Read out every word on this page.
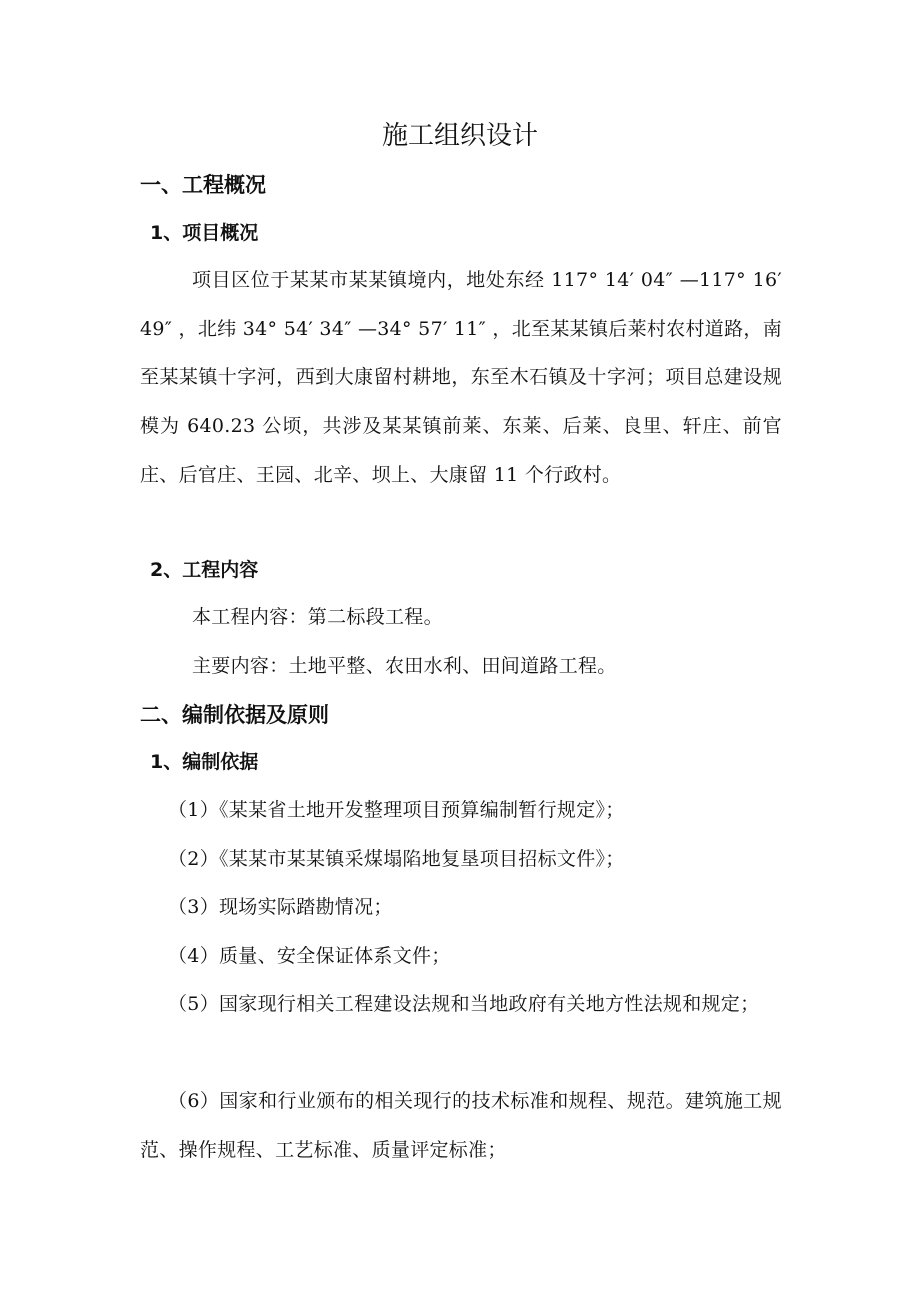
施工组织设计
一、工程概况
1、项目概况

项目区位于某某市某某镇境内，地处东经 117° 14′ 04″ —117° 16′ 49″ ，北纬 34° 54′ 34″ —34° 57′ 11″ ，北至某某镇后莱村农村道路，南至某某镇十字河，西到大康留村耕地，东至木石镇及十字河；项目总建设规模为 640.23 公顷，共涉及某某镇前莱、东莱、后莱、良里、轩庄、前官庄、后官庄、王园、北辛、坝上、大康留 11 个行政村。

2、工程内容

本工程内容：第二标段工程。

主要内容：土地平整、农田水利、田间道路工程。

二、编制依据及原则
1、编制依据

（1）《某某省土地开发整理项目预算编制暂行规定》；

（2）《某某市某某镇采煤塌陷地复垦项目招标文件》；

（3）现场实际踏勘情况；

（4）质量、安全保证体系文件；

（5）国家现行相关工程建设法规和当地政府有关地方性法规和规定；

（6）国家和行业颁布的相关现行的技术标准和规程、规范。建筑施工规范、操作规程、工艺标准、质量评定标准；
